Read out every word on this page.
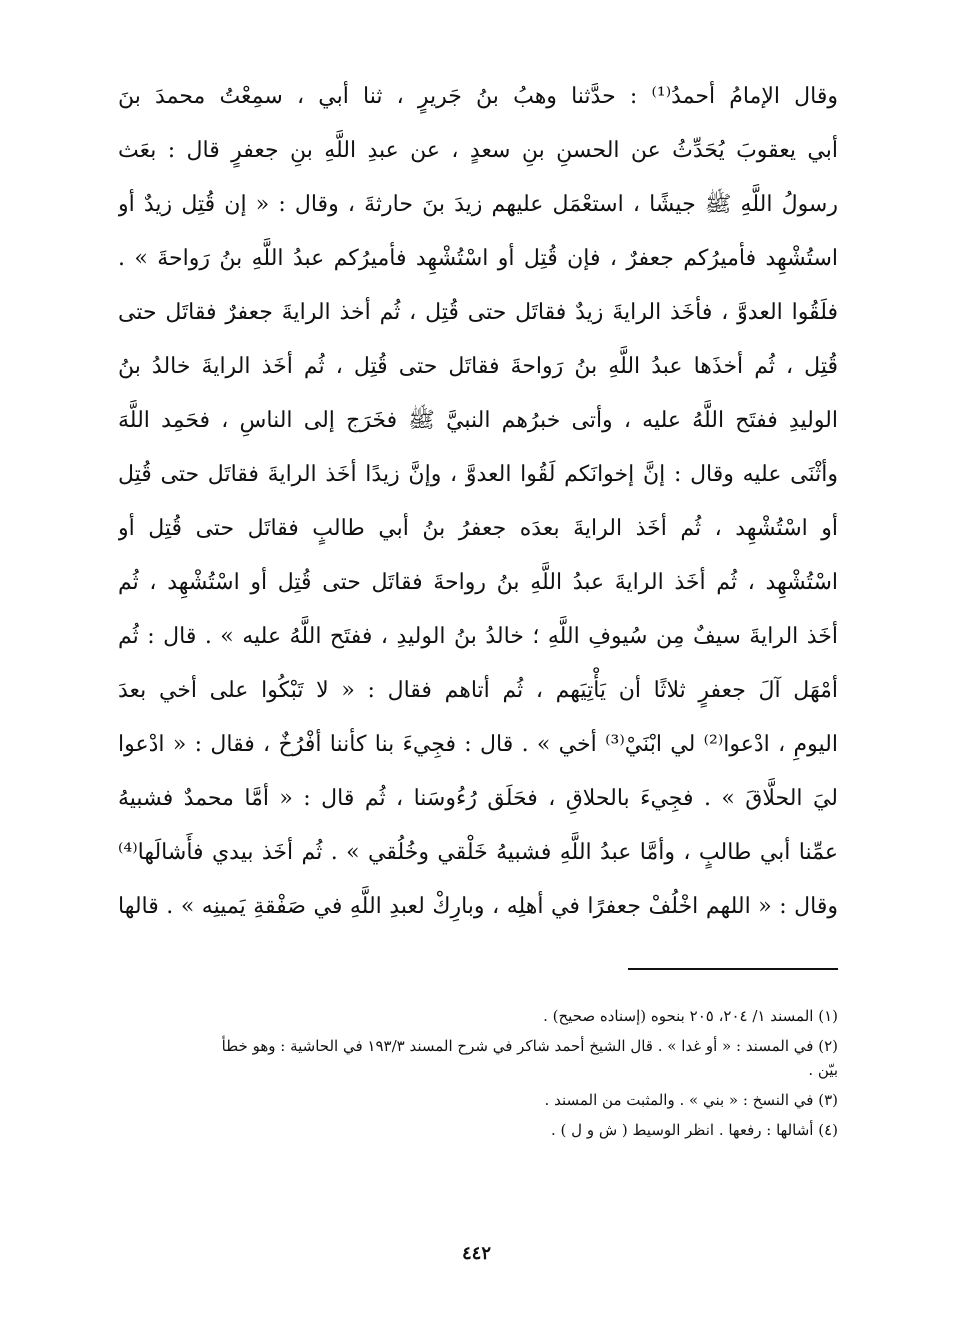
وقال الإمامُ أحمدُ⁽¹⁾ : حدَّثنا وهبُ بنُ جَريرٍ ، ثنا أبي ، سمِعْتُ محمدَ بنَ
أبي يعقوبَ يُحَدِّثُ عن الحسنِ بنِ سعدٍ ، عن عبدِ اللَّهِ بنِ جعفرٍ قال : بعَث
رسولُ اللَّهِ ﷺ جيشًا ، استعْمَل عليهم زيدَ بنَ حارثةَ ، وقال : « إن قُتِل زيدٌ أو
استُشْهِد فأميرُكم جعفرٌ ، فإن قُتِل أو اسْتُشْهِد فأميرُكم عبدُ اللَّهِ بنُ رَواحةَ » .
فلَقُوا العدوَّ ، فأخَذ الرايةَ زيدٌ فقاتَل حتى قُتِل ، ثُم أخذ الرايةَ جعفرٌ فقاتَل حتى
قُتِل ، ثُم أخذَها عبدُ اللَّهِ بنُ رَواحةَ فقاتَل حتى قُتِل ، ثُم أخَذ الرايةَ خالدُ بنُ
الوليدِ ففتَح اللَّهُ عليه ، وأتى خبرُهم النبيَّ ﷺ فخَرَج إلى الناسِ ، فحَمِد اللَّهَ
وأثْنَى عليه وقال : إنَّ إخوانَكم لَقُوا العدوَّ ، وإنَّ زيدًا أخَذ الرايةَ فقاتَل حتى قُتِل
أو اسْتُشْهِد ، ثُم أخَذ الرايةَ بعدَه جعفرُ بنُ أبي طالبٍ فقاتَل حتى قُتِل أو
اسْتُشْهِد ، ثُم أخَذ الرايةَ عبدُ اللَّهِ بنُ رواحةَ فقاتَل حتى قُتِل أو اسْتُشْهِد ، ثُم
أخَذ الرايةَ سيفٌ مِن سُيوفِ اللَّهِ ؛ خالدُ بنُ الوليدِ ، ففتَح اللَّهُ عليه » . قال : ثُم
أمْهَل آلَ جعفرٍ ثلاثًا أن يَأْتِيَهم ، ثُم أتاهم فقال : « لا تَبْكُوا على أخي بعدَ
اليومِ ، ادْعوا⁽²⁾ لي ابْنَيْ⁽³⁾ أخي » . قال : فجِيءَ بنا كأننا أفْرُخٌ ، فقال : « ادْعوا
ليَ الحلَّاقَ » . فجِيءَ بالحلاقِ ، فحَلَق رُءُوسَنا ، ثُم قال : « أمَّا محمدٌ فشبيهُ
عمِّنا أبي طالبٍ ، وأمَّا عبدُ اللَّهِ فشبيهُ خَلْقي وخُلُقي » . ثُم أخَذ بيدي فأَشالَها⁽⁴⁾
وقال : « اللهم اخْلُفْ جعفرًا في أهلِه ، وبارِكْ لعبدِ اللَّهِ في صَفْقةِ يَمينِه » . قالها
(١) المسند ١/ ٢٠٤، ٢٠٥ بنحوه (إسناده صحيح) .
(٢) في المسند : « أو غدا » . قال الشيخ أحمد شاكر في شرح المسند ١٩٣/٣ في الحاشية : وهو خطأ
بيّن .
(٣) في النسخ : « بني » . والمثبت من المسند .
(٤) أشالها : رفعها . انظر الوسيط ( ش و ل ) .
٤٤٢
